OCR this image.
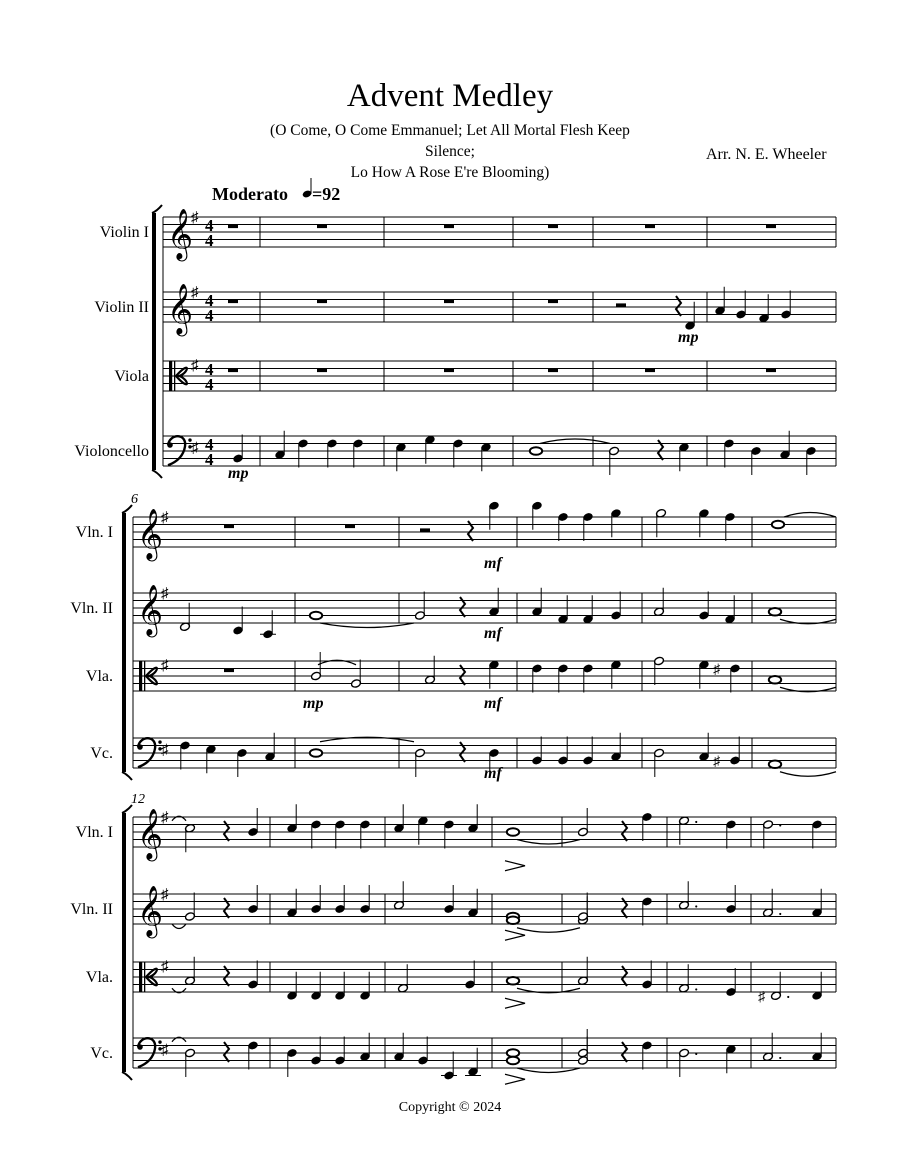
Advent Medley
(O Come, O Come Emmanuel; Let All Mortal Flesh Keep Silence;
Lo How A Rose E're Blooming)
Arr. N. E. Wheeler
Violin I 𝄞
♯ 4
4
Violin II 𝄞
♯ 4
4
Viola
♯ 4
4
Violoncello	♯ 4
4
Moderato =92
mp
mp
Vln. I 𝄞
♯
Vln. II 𝄞
♯
Vla.
♯
Vc.	♯
6
mf
mf
mp	mf
♯
mf
♯
Vln. I 𝄞
♯
Vln. II 𝄞
♯
Vla.
♯
Vc.	♯
12
.	.
.	.
.
♯ .
.	.
Copyright © 2024
